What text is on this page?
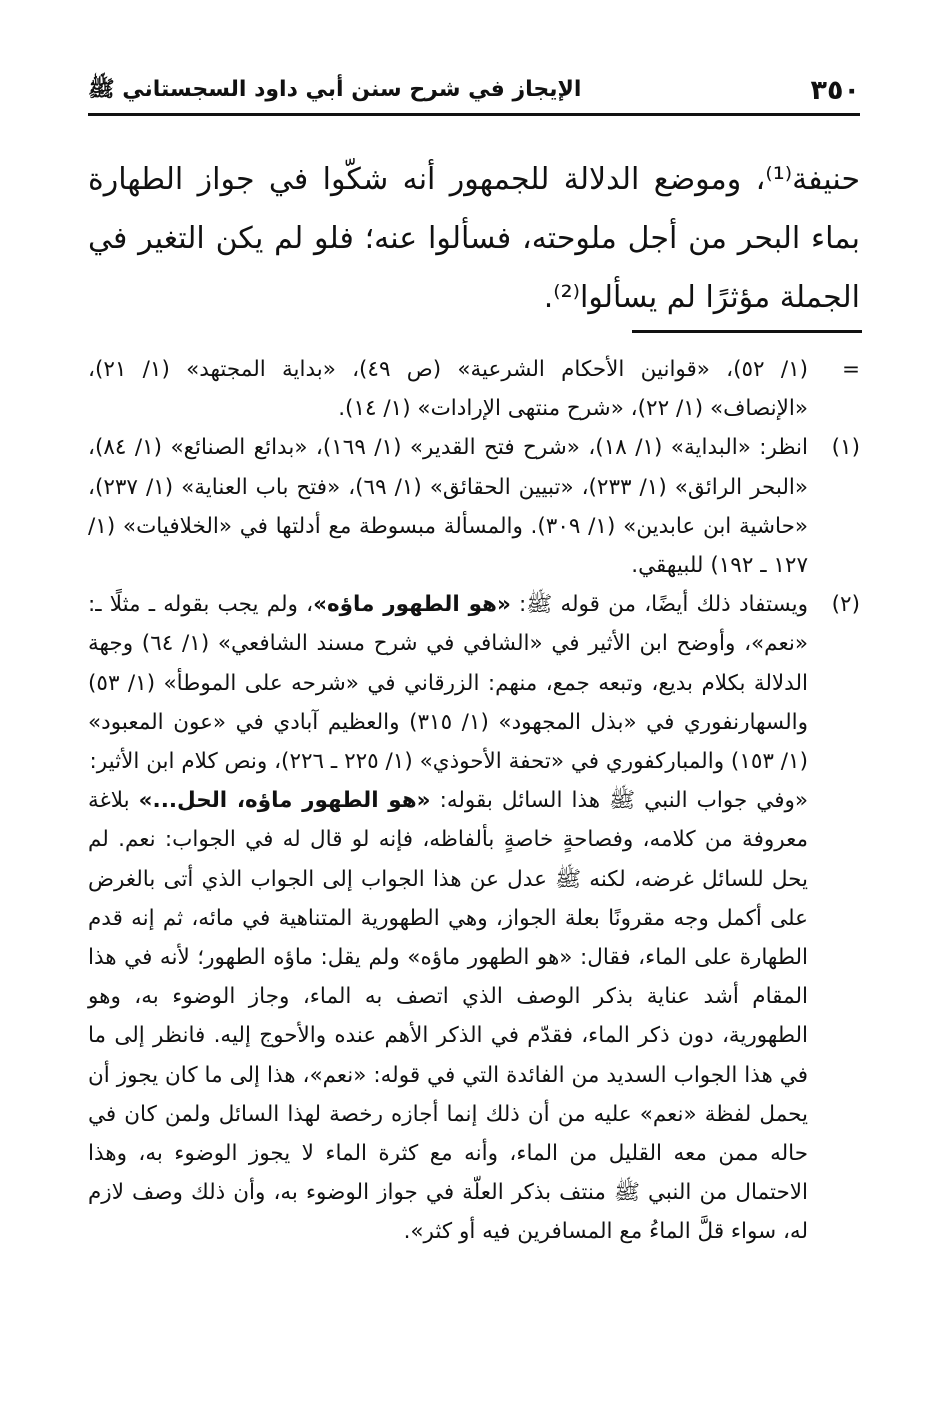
٣٥٠
الإيجاز في شرح سنن أبي داود السجستاني ﷺ

حنيفة⁽¹⁾، وموضع الدلالة للجمهور أنه شكّوا في جواز الطهارة بماء البحر من أجل ملوحته، فسألوا عنه؛ فلو لم يكن التغير في الجملة مؤثرًا لم يسألوا⁽²⁾.

=

(١/ ٥٢)، «قوانين الأحكام الشرعية» (ص ٤٩)، «بداية المجتهد» (١/ ٢١)، «الإنصاف» (١/ ٢٢)، «شرح منتهى الإرادات» (١/ ١٤).

(١)

انظر: «البداية» (١/ ١٨)، «شرح فتح القدير» (١/ ١٦٩)، «بدائع الصنائع» (١/ ٨٤)، «البحر الرائق» (١/ ٢٣٣)، «تبيين الحقائق» (١/ ٦٩)، «فتح باب العناية» (١/ ٢٣٧)، «حاشية ابن عابدين» (١/ ٣٠٩). والمسألة مبسوطة مع أدلتها في «الخلافيات» (١/ ١٢٧ ـ ١٩٢) للبيهقي.

(٢)

ويستفاد ذلك أيضًا، من قوله ﷺ: «هو الطهور ماؤه»، ولم يجب بقوله ـ مثلًا ـ: «نعم»، وأوضح ابن الأثير في «الشافي في شرح مسند الشافعي» (١/ ٦٤) وجهة الدلالة بكلام بديع، وتبعه جمع، منهم: الزرقاني في «شرحه على الموطأ» (١/ ٥٣) والسهارنفوري في «بذل المجهود» (١/ ٣١٥) والعظيم آبادي في «عون المعبود» (١/ ١٥٣) والمباركفوري في «تحفة الأحوذي» (١/ ٢٢٥ ـ ٢٢٦)، ونص كلام ابن الأثير:

«وفي جواب النبي ﷺ هذا السائل بقوله: «هو الطهور ماؤه، الحل...» بلاغة معروفة من كلامه، وفصاحةٍ خاصةٍ بألفاظه، فإنه لو قال له في الجواب: نعم. لم يحل للسائل غرضه، لكنه ﷺ عدل عن هذا الجواب إلى الجواب الذي أتى بالغرض على أكمل وجه مقرونًا بعلة الجواز، وهي الطهورية المتناهية في مائه، ثم إنه قدم الطهارة على الماء، فقال: «هو الطهور ماؤه» ولم يقل: ماؤه الطهور؛ لأنه في هذا المقام أشد عناية بذكر الوصف الذي اتصف به الماء، وجاز الوضوء به، وهو الطهورية، دون ذكر الماء، فقدّم في الذكر الأهم عنده والأحوج إليه. فانظر إلى ما في هذا الجواب السديد من الفائدة التي في قوله: «نعم»، هذا إلى ما كان يجوز أن يحمل لفظة «نعم» عليه من أن ذلك إنما أجازه رخصة لهذا السائل ولمن كان في حاله ممن معه القليل من الماء، وأنه مع كثرة الماء لا يجوز الوضوء به، وهذا الاحتمال من النبي ﷺ منتف بذكر العلّة في جواز الوضوء به، وأن ذلك وصف لازم له، سواء قلَّ الماءُ مع المسافرين فيه أو كثر».
